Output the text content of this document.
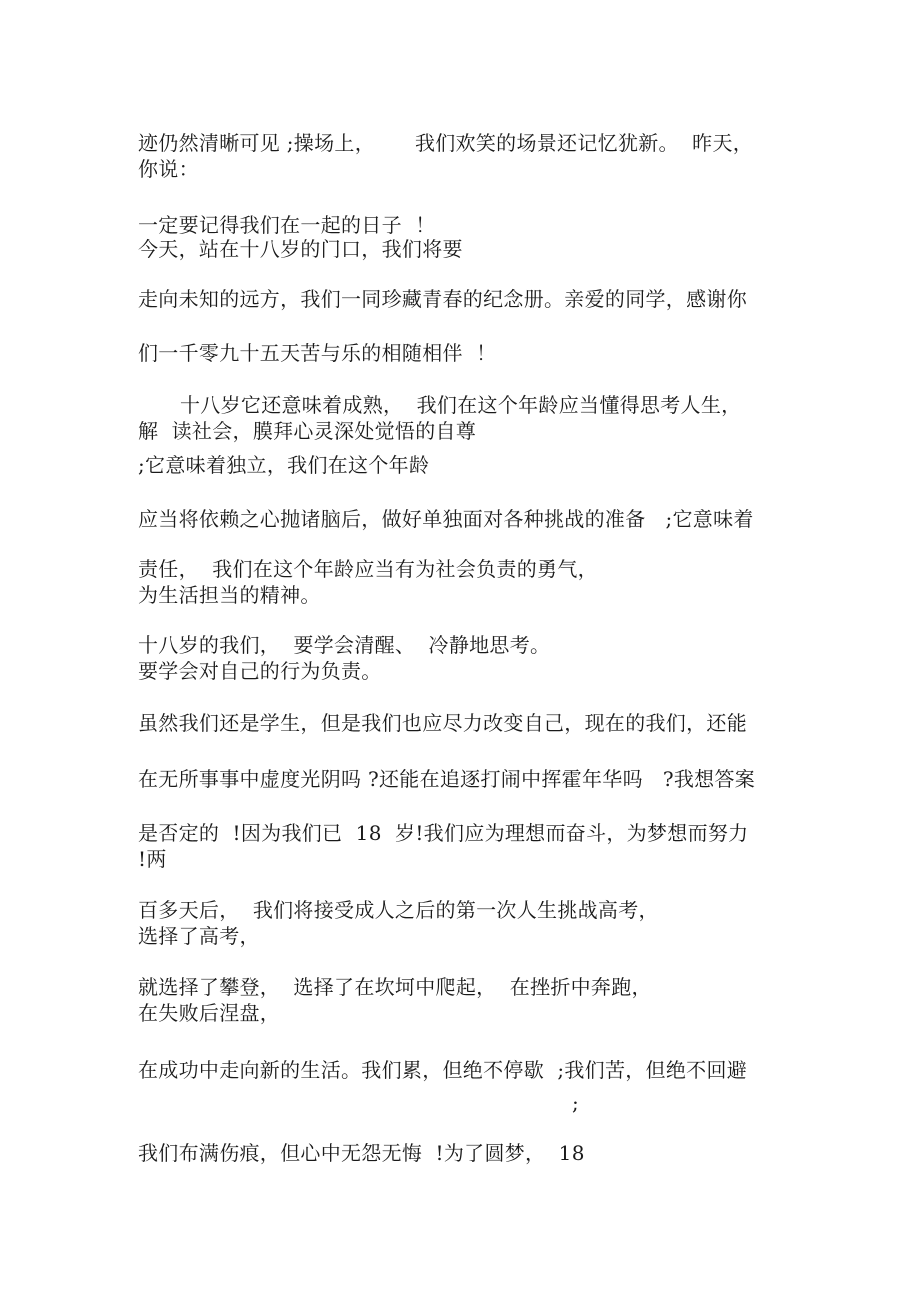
迹仍然清晰可见 ;操场上，      我们欢笑的场景还记忆犹新。  昨天，
你说：
一定要记得我们在一起的日子  ！
今天，站在十八岁的门口，我们将要
走向未知的远方，我们一同珍藏青春的纪念册。亲爱的同学，感谢你
们一千零九十五天苦与乐的相随相伴  ！
十八岁它还意味着成熟，  我们在这个年龄应当懂得思考人生，
解  读社会，膜拜心灵深处觉悟的自尊
;它意味着独立，我们在这个年龄
应当将依赖之心抛诸脑后，做好单独面对各种挑战的准备   ;它意味着
责任，  我们在这个年龄应当有为社会负责的勇气，
为生活担当的精神。
十八岁的我们，  要学会清醒、  冷静地思考。
要学会对自己的行为负责。
虽然我们还是学生，但是我们也应尽力改变自己，现在的我们，还能
在无所事事中虚度光阴吗 ?还能在追逐打闹中挥霍年华吗   ?我想答案
是否定的  !因为我们已  18  岁!我们应为理想而奋斗，为梦想而努力
!两
百多天后，  我们将接受成人之后的第一次人生挑战高考，
选择了高考，
就选择了攀登，  选择了在坎坷中爬起，  在挫折中奔跑，
在失败后涅盘，
在成功中走向新的生活。我们累，但绝不停歇  ;我们苦，但绝不回避
;
我们布满伤痕，但心中无怨无悔  !为了圆梦，  18
